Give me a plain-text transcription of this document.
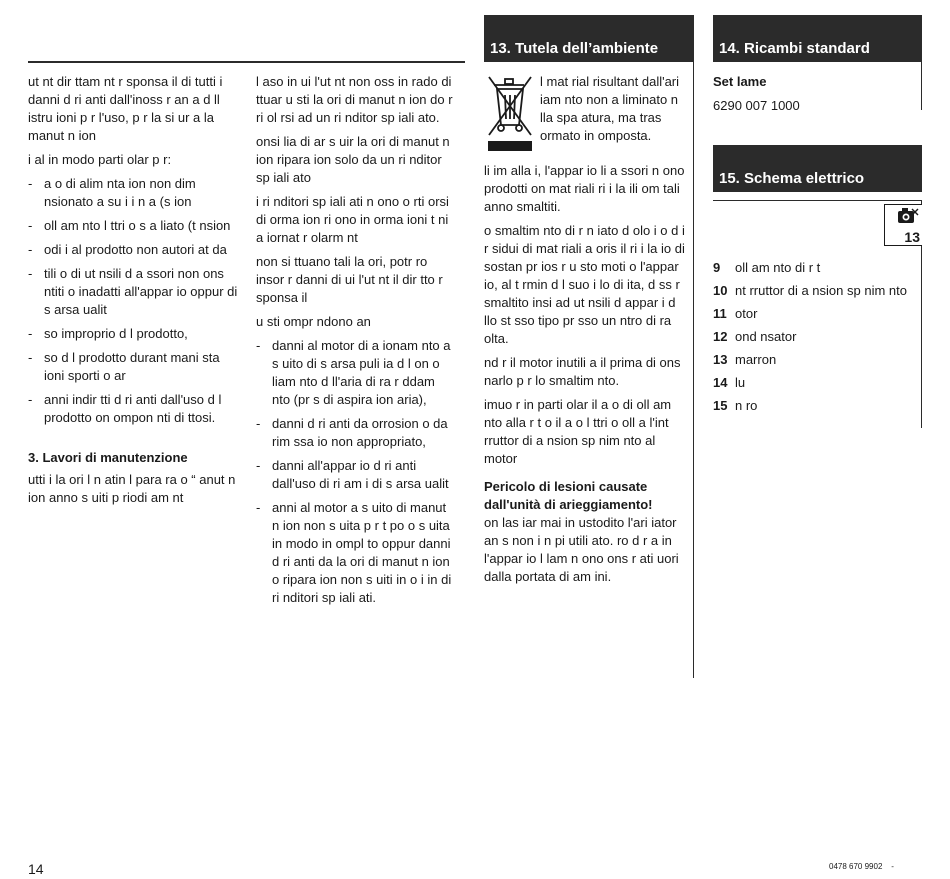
ut nt dir ttam nt r sponsa il di tutti i danni d ri anti dall'inoss r an a d ll istru ioni p r l'uso, p r la si ur a la manut n ion

i al in modo parti olar p r:

- a o di alim nta ion non dim nsionato a su i i n a (s ion
- oll am nto l ttri o s a liato (t nsion
- odi i al prodotto non autori at da
- tili o di ut nsili d a ssori non ons ntiti o inadatti all'appar io oppur di s arsa ualit
- so improprio d l prodotto,
- so d l prodotto durant mani sta ioni sporti o ar
- anni indir tti d ri anti dall'uso d l prodotto on ompon nti di ttosi.

3. Lavori di manutenzione

utti i la ori l n atin l para ra o “ anut n ion anno s uiti p riodi am nt

l aso in ui l'ut nt non oss in rado di ttuar u sti la ori di manut n ion do r ri ol rsi ad un ri nditor sp iali ato.

onsi lia di ar s uir la ori di manut n ion ripara ion solo da un ri nditor sp iali ato

i ri nditori sp iali ati n ono o rti orsi di orma ion ri ono in orma ioni t ni a iornat r olarm nt

non si ttuano tali la ori, potr ro insor r danni di ui l'ut nt il dir tto r sponsa il

u sti ompr ndono an

- danni al motor di a ionam nto a s uito di s arsa puli ia d l on o liam nto d ll'aria di ra r ddam nto (pr s di aspira ion aria),
- danni d ri anti da orrosion o da rim ssa io non appropriato,
- danni all'appar io d ri anti dall'uso di ri am i di s arsa ualit
- anni al motor a s uito di manut n ion non s uita p r t po o s uita in modo in ompl to oppur danni d ri anti da la ori di manut n ion o ripara ion non s uiti in o i in di ri nditori sp iali ati.
13. Tutela dell’ambiente

l mat rial risultant dall'ari iam nto non a liminato n lla spa atura, ma tras ormato in omposta.

li im alla i, l'appar io li a ssori n ono prodotti on mat riali ri i la ili om tali anno smaltiti.

o smaltim nto di r n iato d olo i o d i r sidui di mat riali a oris il ri i la io di sostan pr ios r u sto moti o l'appar io, al t rmin d l suo i lo di ita, d ss r smaltito insi ad ut nsili d appar i d llo st sso tipo pr sso un ntro di ra olta.

nd r il motor inutili a il prima di ons narlo p r lo smaltim nto.

imuo r in parti olar il a o di oll am nto alla r t o il a o l ttri o oll a l'int rruttor di a nsion sp nim nto al motor

Pericolo di lesioni causate dall'unità di arieggiamento!

on las iar mai in ustodito l'ari iator an s non i n pi utili ato. ro d r a in l'appar io l lam n ono ons r ati uori dalla portata di am ini.

14. Ricambi standard

Set lame

6290 007 1000

15. Schema elettrico
13
9	oll am nto di r t
10 nt rruttor di a nsion sp nim nto
11 otor
12 ond nsator
13 marron
14 lu
15 n ro
14	0478 670 9902 -
